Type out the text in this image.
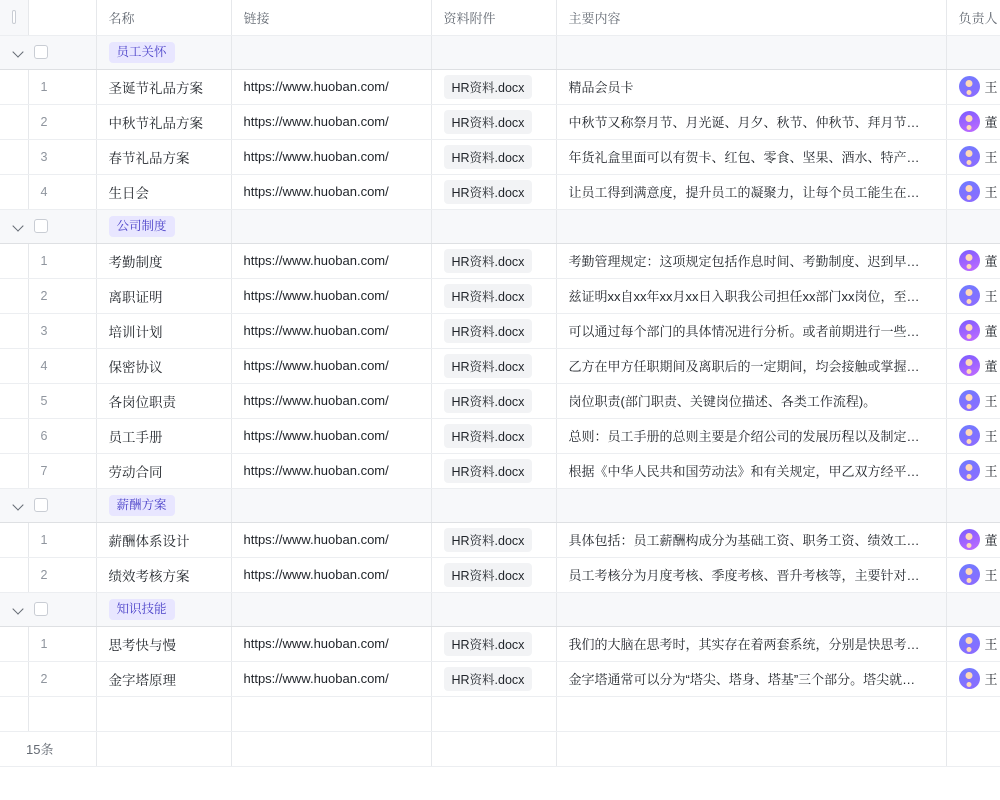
		名称	链接	资料附件	主要内容	负责人

		员工关怀				
	1	圣诞节礼品方案	https://www.huoban.com/	HR资料.docx	精品会员卡	王

	2	中秋节礼品方案	https://www.huoban.com/	HR资料.docx	中秋节又称祭月节、月光诞、月夕、秋节、仲秋节、拜月节…	董

	3	春节礼品方案	https://www.huoban.com/	HR资料.docx	年货礼盒里面可以有贺卡、红包、零食、坚果、酒水、特产…	王

	4	生日会	https://www.huoban.com/	HR资料.docx	让员工得到满意度，提升员工的凝聚力，让每个员工能生在…	王

		公司制度				
	1	考勤制度	https://www.huoban.com/	HR资料.docx	考勤管理规定：这项规定包括作息时间、考勤制度、迟到早…	董

	2	离职证明	https://www.huoban.com/	HR资料.docx	兹证明xx自xx年xx月xx日入职我公司担任xx部门xx岗位，至…	王

	3	培训计划	https://www.huoban.com/	HR资料.docx	可以通过每个部门的具体情况进行分析。或者前期进行一些…	董

	4	保密协议	https://www.huoban.com/	HR资料.docx	乙方在甲方任职期间及离职后的一定期间，均会接触或掌握…	董

	5	各岗位职责	https://www.huoban.com/	HR资料.docx	岗位职责(部门职责、关键岗位描述、各类工作流程)。	王

	6	员工手册	https://www.huoban.com/	HR资料.docx	总则：员工手册的总则主要是介绍公司的发展历程以及制定…	王

	7	劳动合同	https://www.huoban.com/	HR资料.docx	根据《中华人民共和国劳动法》和有关规定，甲乙双方经平…	王

		薪酬方案				
	1	薪酬体系设计	https://www.huoban.com/	HR资料.docx	具体包括：员工薪酬构成分为基础工资、职务工资、绩效工…	董

	2	绩效考核方案	https://www.huoban.com/	HR资料.docx	员工考核分为月度考核、季度考核、晋升考核等，主要针对…	王

		知识技能				
	1	思考快与慢	https://www.huoban.com/	HR资料.docx	我们的大脑在思考时，其实存在着两套系统，分别是快思考…	王

	2	金字塔原理	https://www.huoban.com/	HR资料.docx	金字塔通常可以分为“塔尖、塔身、塔基”三个部分。塔尖就…	王

15条						
